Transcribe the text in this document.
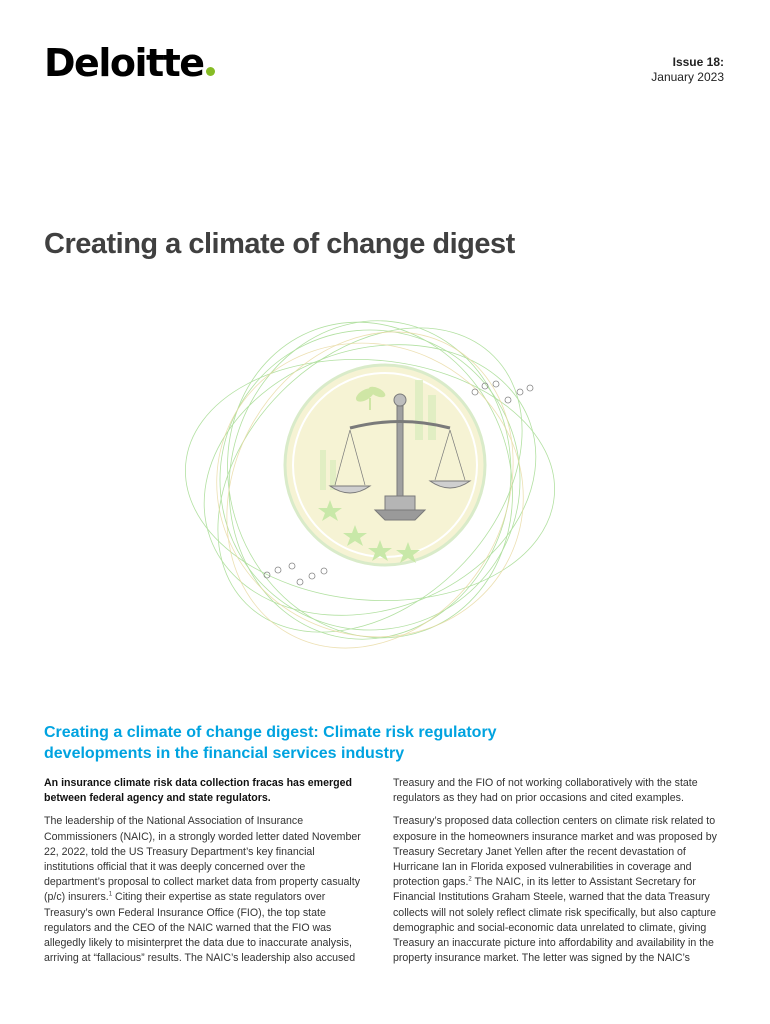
Deloitte	Issue 18:
January 2023
Creating a climate of change digest
Creating a climate of change digest: Climate risk regulatory developments in the financial services industry

An insurance climate risk data collection fracas has emerged between federal agency and state regulators.

The leadership of the National Association of Insurance Commissioners (NAIC), in a strongly worded letter dated November 22, 2022, told the US Treasury Department’s key financial institutions official that it was deeply concerned over the department’s proposal to collect market data from property casualty (p/c) insurers.$^1$ Citing their expertise as state regulators over Treasury’s own Federal Insurance Office (FIO), the top state regulators and the CEO of the NAIC warned that the FIO was allegedly likely to misinterpret the data due to inaccurate analysis, arriving at “fallacious” results. The NAIC’s leadership also accused

Treasury and the FIO of not working collaboratively with the state regulators as they had on prior occasions and cited examples.

Treasury’s proposed data collection centers on climate risk related to exposure in the homeowners insurance market and was proposed by Treasury Secretary Janet Yellen after the recent devastation of Hurricane Ian in Florida exposed vulnerabilities in coverage and protection gaps.$^2$ The NAIC, in its letter to Assistant Secretary for Financial Institutions Graham Steele, warned that the data Treasury collects will not solely reflect climate risk specifically, but also capture demographic and social-economic data unrelated to climate, giving Treasury an inaccurate picture into affordability and availability in the property insurance market. The letter was signed by the NAIC’s
